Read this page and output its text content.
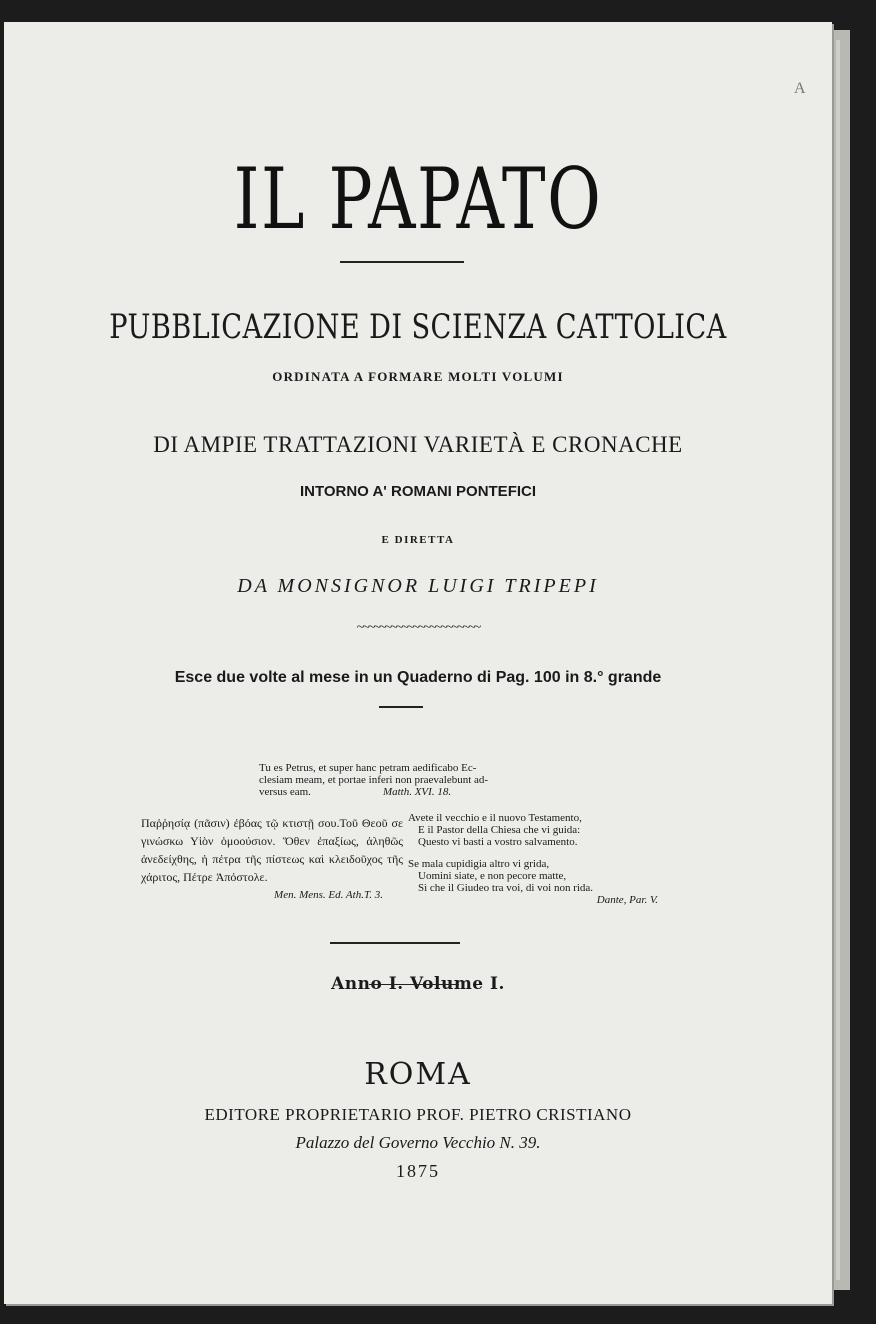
A
IL PAPATO
PUBBLICAZIONE DI SCIENZA CATTOLICA
ORDINATA A FORMARE MOLTI VOLUMI
DI AMPIE TRATTAZIONI VARIETÀ E CRONACHE
INTORNO A' ROMANI PONTEFICI
E DIRETTA
DA MONSIGNOR LUIGI TRIPEPI
~~~~~~~~~~~~~~~~~~~~~~
Esce due volte al mese in un Quaderno di Pag. 100 in 8.° grande
Tu es Petrus, et super hanc petram aedificabo Ec-
clesiam meam, et portae inferi non praevalebunt ad-
versus eam.	Matth. XVI. 18.
Παῤῥησίᾳ (πᾶσιν) ἐβόας τῷ κτιστῇ σου.Τοῦ Θεοῦ σε γινώσκω Υἱὸν ὁμοούσιον. Ὅθεν ἐπαξίως, ἀληθῶς ἀνεδείχθης, ἡ πέτρα τῆς πίστεως καὶ κλειδοῦχος τῆς χάριτος, Πέτρε Ἀπόστολε.
Men. Mens. Ed. Ath.T. 3.
Avete il vecchio e il nuovo Testamento,
E il Pastor della Chiesa che vi guida:
Questo vi basti a vostro salvamento.
Se mala cupidigia altro vi grida,
Uomini siate, e non pecore matte,
Sì che il Giudeo tra voi, di voi non rida.
Dante, Par. V.
Anno I. Volume I.
ROMA
EDITORE PROPRIETARIO PROF. PIETRO CRISTIANO
Palazzo del Governo Vecchio N. 39.
1875
